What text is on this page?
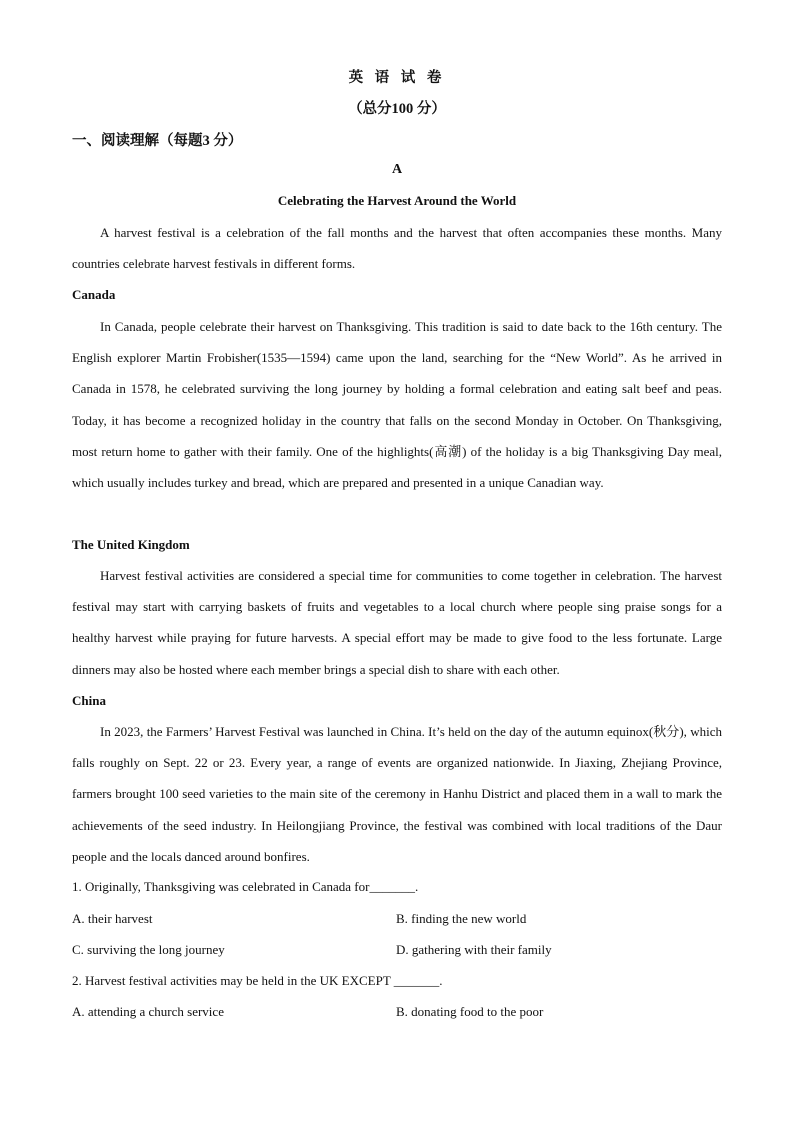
英 语 试 卷
（总分100 分）
一、阅读理解（每题3 分）
A
Celebrating the Harvest Around the World

A harvest festival is a celebration of the fall months and the harvest that often accompanies these months. Many countries celebrate harvest festivals in different forms.

Canada

In Canada, people celebrate their harvest on Thanksgiving. This tradition is said to date back to the 16th century. The English explorer Martin Frobisher(1535—1594) came upon the land, searching for the “New World”. As he arrived in Canada in 1578, he celebrated surviving the long journey by holding a formal celebration and eating salt beef and peas. Today, it has become a recognized holiday in the country that falls on the second Monday in October. On Thanksgiving, most return home to gather with their family. One of the highlights(高潮) of the holiday is a big Thanksgiving Day meal, which usually includes turkey and bread, which are prepared and presented in a unique Canadian way.

The United Kingdom

Harvest festival activities are considered a special time for communities to come together in celebration. The harvest festival may start with carrying baskets of fruits and vegetables to a local church where people sing praise songs for a healthy harvest while praying for future harvests. A special effort may be made to give food to the less fortunate. Large dinners may also be hosted where each member brings a special dish to share with each other.

China

In 2023, the Farmers’ Harvest Festival was launched in China. It’s held on the day of the autumn equinox(秋分), which falls roughly on Sept. 22 or 23. Every year, a range of events are organized nationwide. In Jiaxing, Zhejiang Province, farmers brought 100 seed varieties to the main site of the ceremony in Hanhu District and placed them in a wall to mark the achievements of the seed industry. In Heilongjiang Province, the festival was combined with local traditions of the Daur people and the locals danced around bonfires.

1. Originally, Thanksgiving was celebrated in Canada for_______.
A. their harvest	B. finding the new world
C. surviving the long journey	D. gathering with their family
2. Harvest festival activities may be held in the UK EXCEPT _______.
A. attending a church service	B. donating food to the poor
